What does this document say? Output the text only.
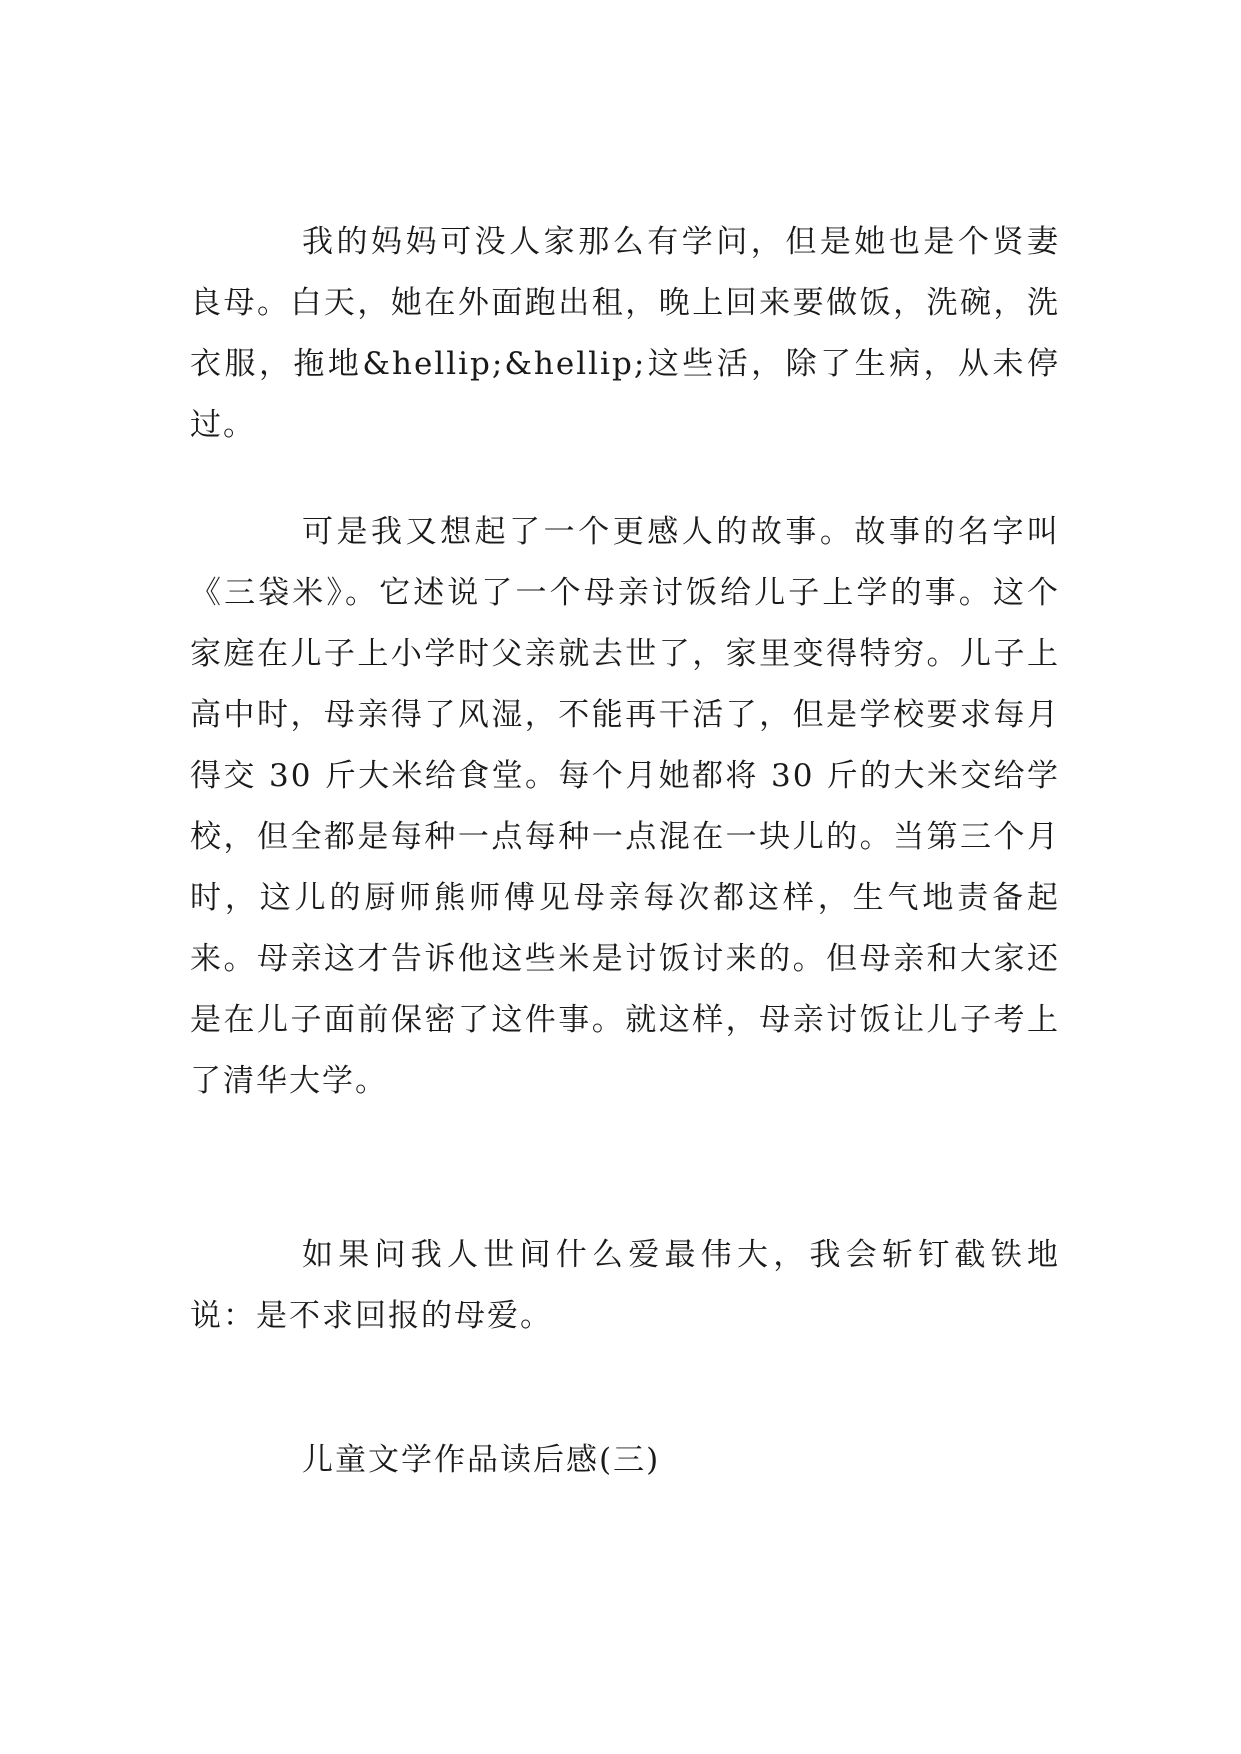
我的妈妈可没人家那么有学问，但是她也是个贤妻良母。白天，她在外面跑出租，晚上回来要做饭，洗碗，洗衣服，拖地&hellip;&hellip;这些活，除了生病，从未停过。

可是我又想起了一个更感人的故事。故事的名字叫《三袋米》。它述说了一个母亲讨饭给儿子上学的事。这个家庭在儿子上小学时父亲就去世了，家里变得特穷。儿子上高中时，母亲得了风湿，不能再干活了，但是学校要求每月得交 30 斤大米给食堂。每个月她都将 30 斤的大米交给学校，但全都是每种一点每种一点混在一块儿的。当第三个月时，这儿的厨师熊师傅见母亲每次都这样，生气地责备起来。母亲这才告诉他这些米是讨饭讨来的。但母亲和大家还是在儿子面前保密了这件事。就这样，母亲讨饭让儿子考上了清华大学。

如果问我人世间什么爱最伟大，我会斩钉截铁地说：是不求回报的母爱。

儿童文学作品读后感(三)
